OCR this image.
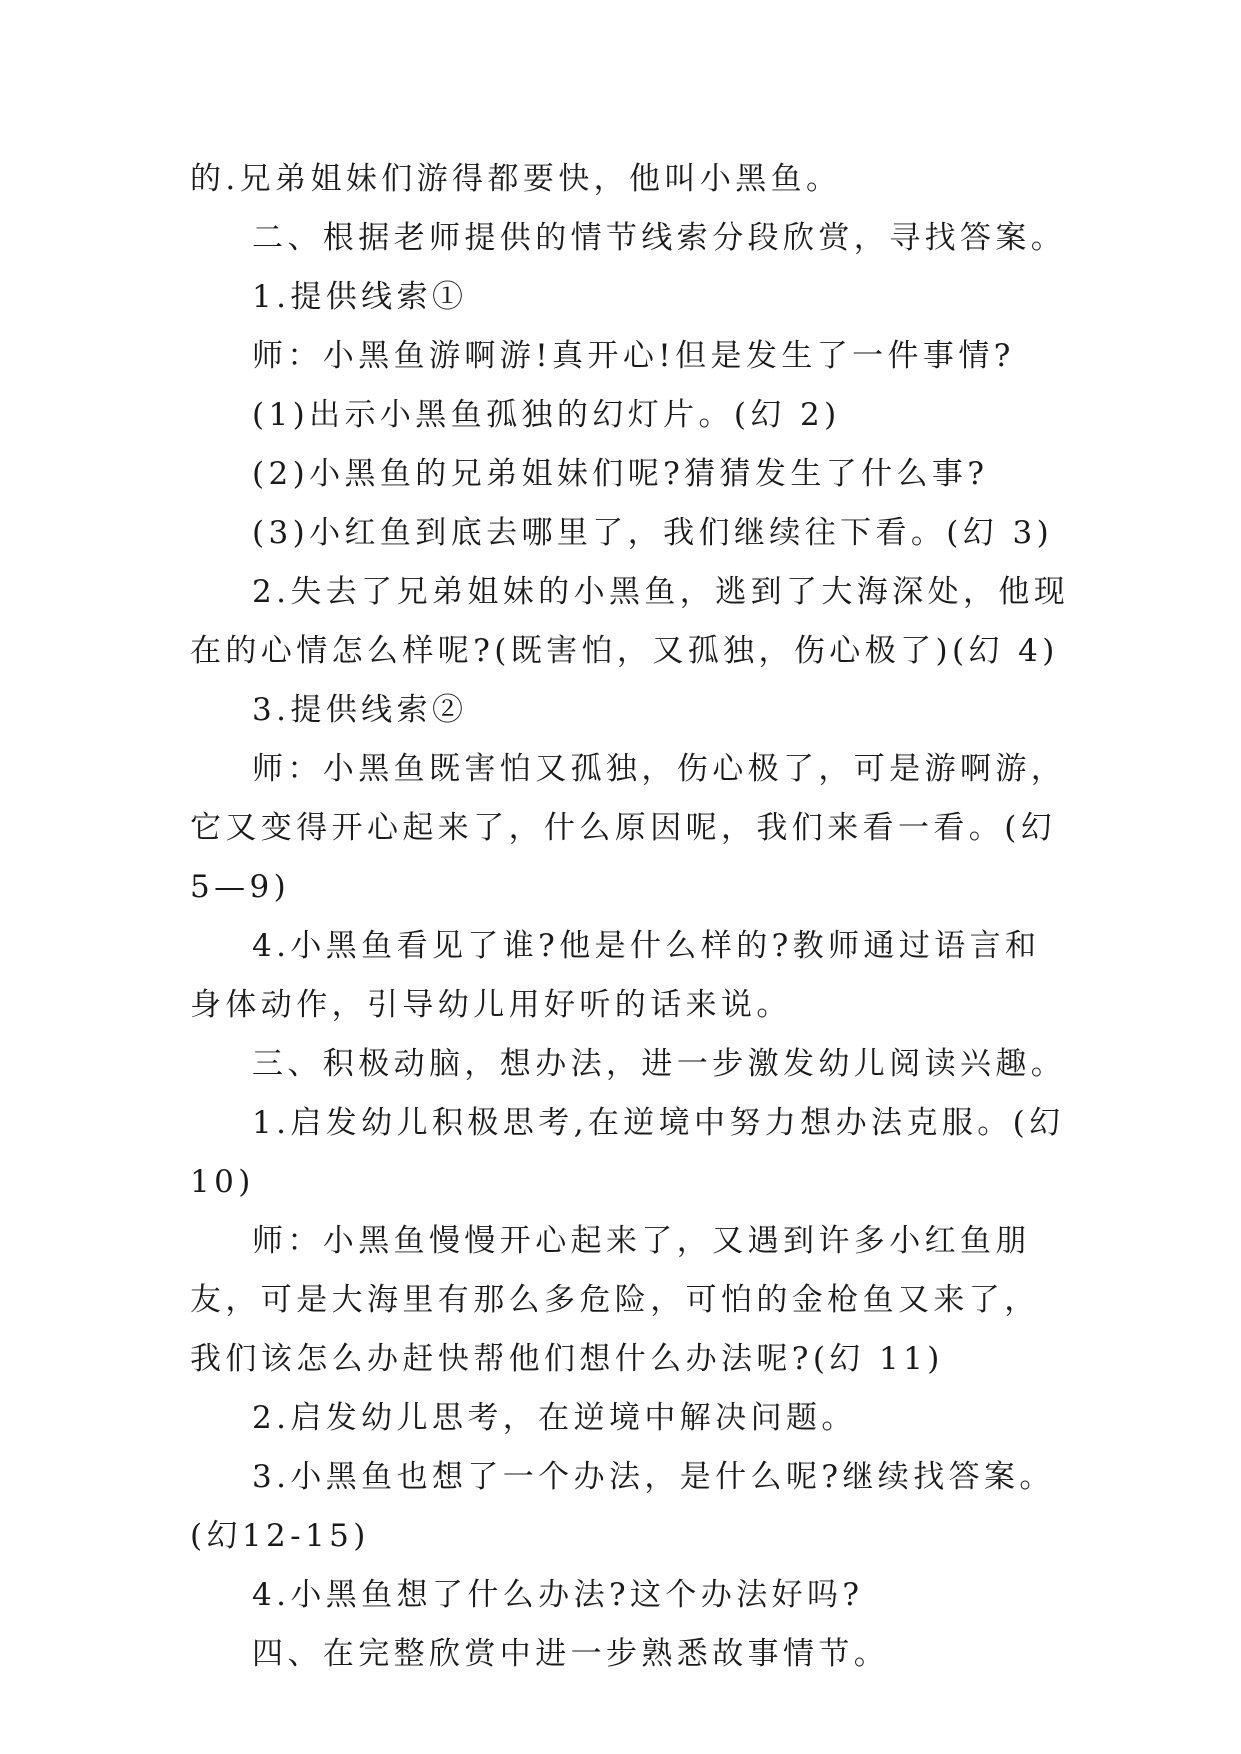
的.兄弟姐妹们游得都要快，他叫小黑鱼。

二、根据老师提供的情节线索分段欣赏，寻找答案。

1.提供线索①

师：小黑鱼游啊游!真开心!但是发生了一件事情?

(1)出示小黑鱼孤独的幻灯片。(幻 2)

(2)小黑鱼的兄弟姐妹们呢?猜猜发生了什么事?

(3)小红鱼到底去哪里了，我们继续往下看。(幻 3)

2.失去了兄弟姐妹的小黑鱼，逃到了大海深处，他现在的心情怎么样呢?(既害怕，又孤独，伤心极了)(幻 4)

3.提供线索②

师：小黑鱼既害怕又孤独，伤心极了，可是游啊游，它又变得开心起来了，什么原因呢，我们来看一看。(幻 5—9)

4.小黑鱼看见了谁?他是什么样的?教师通过语言和身体动作，引导幼儿用好听的话来说。

三、积极动脑，想办法，进一步激发幼儿阅读兴趣。

1.启发幼儿积极思考,在逆境中努力想办法克服。(幻10)

师：小黑鱼慢慢开心起来了，又遇到许多小红鱼朋友，可是大海里有那么多危险，可怕的金枪鱼又来了，我们该怎么办赶快帮他们想什么办法呢?(幻 11)

2.启发幼儿思考，在逆境中解决问题。

3.小黑鱼也想了一个办法，是什么呢?继续找答案。(幻12-15)

4.小黑鱼想了什么办法?这个办法好吗?

四、在完整欣赏中进一步熟悉故事情节。
